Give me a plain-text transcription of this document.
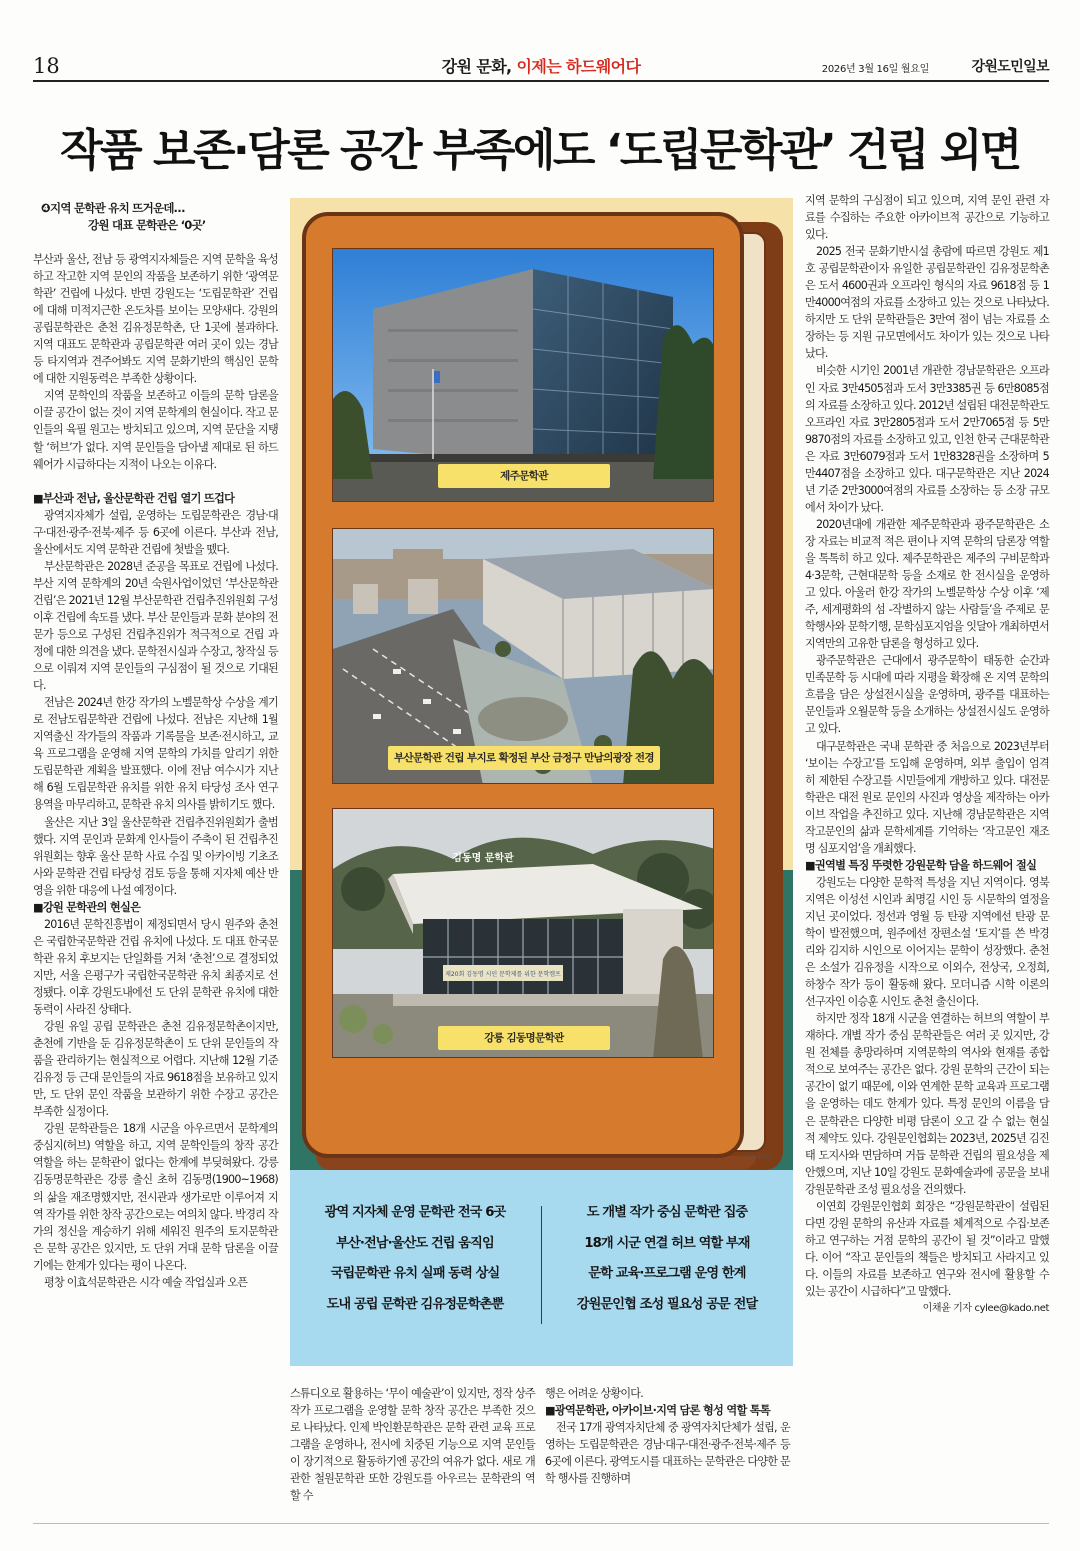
18	강원 문화, 이제는 하드웨어다	2026년 3월 16일 월요일	강원도민일보
작품 보존·담론 공간 부족에도 ‘도립문학관’ 건립 외면
❹지역 문학관 유치 뜨거운데…
강원 대표 문학관은 ‘0곳’

부산과 울산, 전남 등 광역지자체들은 지역 문학을 육성하고 작고한 지역 문인의 작품을 보존하기 위한 ‘광역문학관’ 건립에 나섰다. 반면 강원도는 ‘도립문학관’ 건립에 대해 미적지근한 온도차를 보이는 모양새다. 강원의 공립문학관은 춘천 김유정문학촌, 단 1곳에 불과하다. 지역 대표도 문학관과 공립문학관 여러 곳이 있는 경남 등 타지역과 견주어봐도 지역 문화기반의 핵심인 문학에 대한 지원동력은 부족한 상황이다.

지역 문학인의 작품을 보존하고 이들의 문학 담론을 이끌 공간이 없는 것이 지역 문학계의 현실이다. 작고 문인들의 육필 원고는 방치되고 있으며, 지역 문단을 지탱할 ‘허브’가 없다. 지역 문인들을 담아낼 제대로 된 하드웨어가 시급하다는 지적이 나오는 이유다.

■부산과 전남, 울산문학관 건립 열기 뜨겁다

광역지자체가 설립, 운영하는 도립문학관은 경남·대구·대전·광주·전북·제주 등 6곳에 이른다. 부산과 전남, 울산에서도 지역 문학관 건립에 첫발을 뗐다.

부산문학관은 2028년 준공을 목표로 건립에 나섰다. 부산 지역 문학계의 20년 숙원사업이었던 ‘부산문학관 건립’은 2021년 12월 부산문학관 건립추진위원회 구성 이후 건립에 속도를 냈다. 부산 문인들과 문화 분야의 전문가 등으로 구성된 건립추진위가 적극적으로 건립 과정에 대한 의견을 냈다. 문학전시실과 수장고, 창작실 등으로 이뤄져 지역 문인들의 구심점이 될 것으로 기대된다.

전남은 2024년 한강 작가의 노벨문학상 수상을 계기로 전남도립문학관 건립에 나섰다. 전남은 지난해 1월 지역출신 작가들의 작품과 기록물을 보존·전시하고, 교육 프로그램을 운영해 지역 문학의 가치를 알리기 위한 도립문학관 계획을 발표했다. 이에 전남 여수시가 지난해 6월 도립문학관 유치를 위한 유치 타당성 조사 연구용역을 마무리하고, 문학관 유치 의사를 밝히기도 했다.

울산은 지난 3일 울산문학관 건립추진위원회가 출범했다. 지역 문인과 문화계 인사들이 주축이 된 건립추진위원회는 향후 울산 문학 사료 수집 및 아카이빙 기초조사와 문학관 건립 타당성 검토 등을 통해 지자체 예산 반영을 위한 대응에 나설 예정이다.

■강원 문학관의 현실은

2016년 문학진흥법이 제정되면서 당시 원주와 춘천은 국립한국문학관 건립 유치에 나섰다. 도 대표 한국문학관 유치 후보지는 단일화를 거쳐 ‘춘천’으로 결정되었지만, 서울 은평구가 국립한국문학관 유치 최종지로 선정됐다. 이후 강원도내에선 도 단위 문학관 유치에 대한 동력이 사라진 상태다.

강원 유일 공립 문학관은 춘천 김유정문학촌이지만, 춘천에 기반을 둔 김유정문학촌이 도 단위 문인들의 작품을 관리하기는 현실적으로 어렵다. 지난해 12월 기준 김유정 등 근대 문인들의 자료 9618점을 보유하고 있지만, 도 단위 문인 작품을 보관하기 위한 수장고 공간은 부족한 실정이다.

강원 문학관들은 18개 시군을 아우르면서 문학계의 중심지(허브) 역할을 하고, 지역 문학인들의 창작 공간 역할을 하는 문학관이 없다는 한계에 부딪혀왔다. 강릉 김동명문학관은 강릉 출신 초허 김동명(1900~1968)의 삶을 재조명했지만, 전시관과 생가로만 이루어져 지역 작가를 위한 창작 공간으로는 여의치 않다. 박경리 작가의 정신을 계승하기 위해 세워진 원주의 토지문학관은 문학 공간은 있지만, 도 단위 거대 문학 담론을 이끌기에는 한계가 있다는 평이 나온다.

평창 이효석문학관은 시각 예술 작업실과 오픈

제주문학관
부산문학관 건립 부지로 확정된 부산 금정구 만남의광장 전경
제20회 김동명 시인 문학제를 위한 문학캠프
김동명 문학관
강릉 김동명문학관
아이클릭아트
광역 지자체 운영 문학관 전국 6곳
부산·전남·울산도 건립 움직임
국립문학관 유치 실패 동력 상실
도내 공립 문학관 김유정문학촌뿐
도 개별 작가 중심 문학관 집중
18개 시군 연결 허브 역할 부재
문학 교육·프로그램 운영 한계
강원문인협 조성 필요성 공문 전달

스튜디오로 활용하는 ‘무이 예술관’이 있지만, 정작 상주작가 프로그램을 운영할 문학 창작 공간은 부족한 것으로 나타났다. 인제 박인환문학관은 문학 관련 교육 프로그램을 운영하나, 전시에 치중된 기능으로 지역 문인들이 장기적으로 활동하기엔 공간의 여유가 없다. 새로 개관한 철원문학관 또한 강원도를 아우르는 문학관의 역할 수

행은 어려운 상황이다.

■광역문학관, 아카이브·지역 담론 형성 역할 톡톡

전국 17개 광역자치단체 중 광역자치단체가 설립, 운영하는 도립문학관은 경남·대구·대전·광주·전북·제주 등 6곳에 이른다. 광역도시를 대표하는 문학관은 다양한 문학 행사를 진행하며

지역 문학의 구심점이 되고 있으며, 지역 문인 관련 자료를 수집하는 주요한 아카이브적 공간으로 기능하고 있다.

2025 전국 문화기반시설 총람에 따르면 강원도 제1호 공립문학관이자 유일한 공립문학관인 김유정문학촌은 도서 4600권과 오프라인 형식의 자료 9618점 등 1만4000여점의 자료를 소장하고 있는 것으로 나타났다. 하지만 도 단위 문학관들은 3만여 점이 넘는 자료를 소장하는 등 지원 규모면에서도 차이가 있는 것으로 나타났다.

비슷한 시기인 2001년 개관한 경남문학관은 오프라인 자료 3만4505점과 도서 3만3385권 등 6만8085점의 자료를 소장하고 있다. 2012년 설립된 대전문학관도 오프라인 자료 3만2805점과 도서 2만7065점 등 5만9870점의 자료를 소장하고 있고, 인천 한국 근대문학관은 자료 3만6079점과 도서 1만8328권을 소장하며 5만4407점을 소장하고 있다. 대구문학관은 지난 2024년 기준 2만3000여점의 자료를 소장하는 등 소장 규모에서 차이가 났다.

2020년대에 개관한 제주문학관과 광주문학관은 소장 자료는 비교적 적은 편이나 지역 문학의 담론장 역할을 톡톡히 하고 있다. 제주문학관은 제주의 구비문학과 4·3문학, 근현대문학 등을 소재로 한 전시실을 운영하고 있다. 아울러 한강 작가의 노벨문학상 수상 이후 ‘제주, 세계평화의 섬 -작별하지 않는 사람들’을 주제로 문학행사와 문학기행, 문학심포지엄을 잇달아 개최하면서 지역만의 고유한 담론을 형성하고 있다.

광주문학관은 근대에서 광주문학이 태동한 순간과 민족문학 등 시대에 따라 지평을 확장해 온 지역 문학의 흐름을 담은 상설전시실을 운영하며, 광주를 대표하는 문인들과 오월문학 등을 소개하는 상설전시실도 운영하고 있다.

대구문학관은 국내 문학관 중 처음으로 2023년부터 ‘보이는 수장고’를 도입해 운영하며, 외부 출입이 엄격히 제한된 수장고를 시민들에게 개방하고 있다. 대전문학관은 대전 원로 문인의 사진과 영상을 제작하는 아카이브 작업을 추진하고 있다. 지난해 경남문학관은 지역 작고문인의 삶과 문학세계를 기억하는 ‘작고문인 재조명 심포지엄’을 개최했다.

■권역별 특징 뚜렷한 강원문학 담을 하드웨어 절실

강원도는 다양한 문학적 특성을 지닌 지역이다. 영북 지역은 이성선 시인과 최명길 시인 등 시문학의 열정을 지닌 곳이었다. 정선과 영월 등 탄광 지역에선 탄광 문학이 발전했으며, 원주에선 장편소설 ‘토지’를 쓴 박경리와 김지하 시인으로 이어지는 문학이 성장했다. 춘천은 소설가 김유정을 시작으로 이외수, 전상국, 오정희, 하창수 작가 등이 활동해 왔다. 모더니즘 시학 이론의 선구자인 이승훈 시인도 춘천 출신이다.

하지만 정작 18개 시군을 연결하는 허브의 역할이 부재하다. 개별 작가 중심 문학관들은 여러 곳 있지만, 강원 전체를 총망라하며 지역문학의 역사와 현재를 종합적으로 보여주는 공간은 없다. 강원 문학의 근간이 되는 공간이 없기 때문에, 이와 연계한 문학 교육과 프로그램을 운영하는 데도 한계가 있다. 특정 문인의 이름을 담은 문학관은 다양한 비평 담론이 오고 갈 수 없는 현실적 제약도 있다. 강원문인협회는 2023년, 2025년 김진태 도지사와 면담하며 거듭 문학관 건립의 필요성을 제안했으며, 지난 10일 강원도 문화예술과에 공문을 보내 강원문학관 조성 필요성을 건의했다.

이연희 강원문인협회 회장은 “강원문학관이 설립된다면 강원 문학의 유산과 자료를 체계적으로 수집·보존하고 연구하는 거점 문학의 공간이 될 것”이라고 말했다. 이어 “작고 문인들의 책들은 방치되고 사라지고 있다. 이들의 자료를 보존하고 연구와 전시에 활용할 수 있는 공간이 시급하다”고 말했다.

이채윤 기자 cylee@kado.net
